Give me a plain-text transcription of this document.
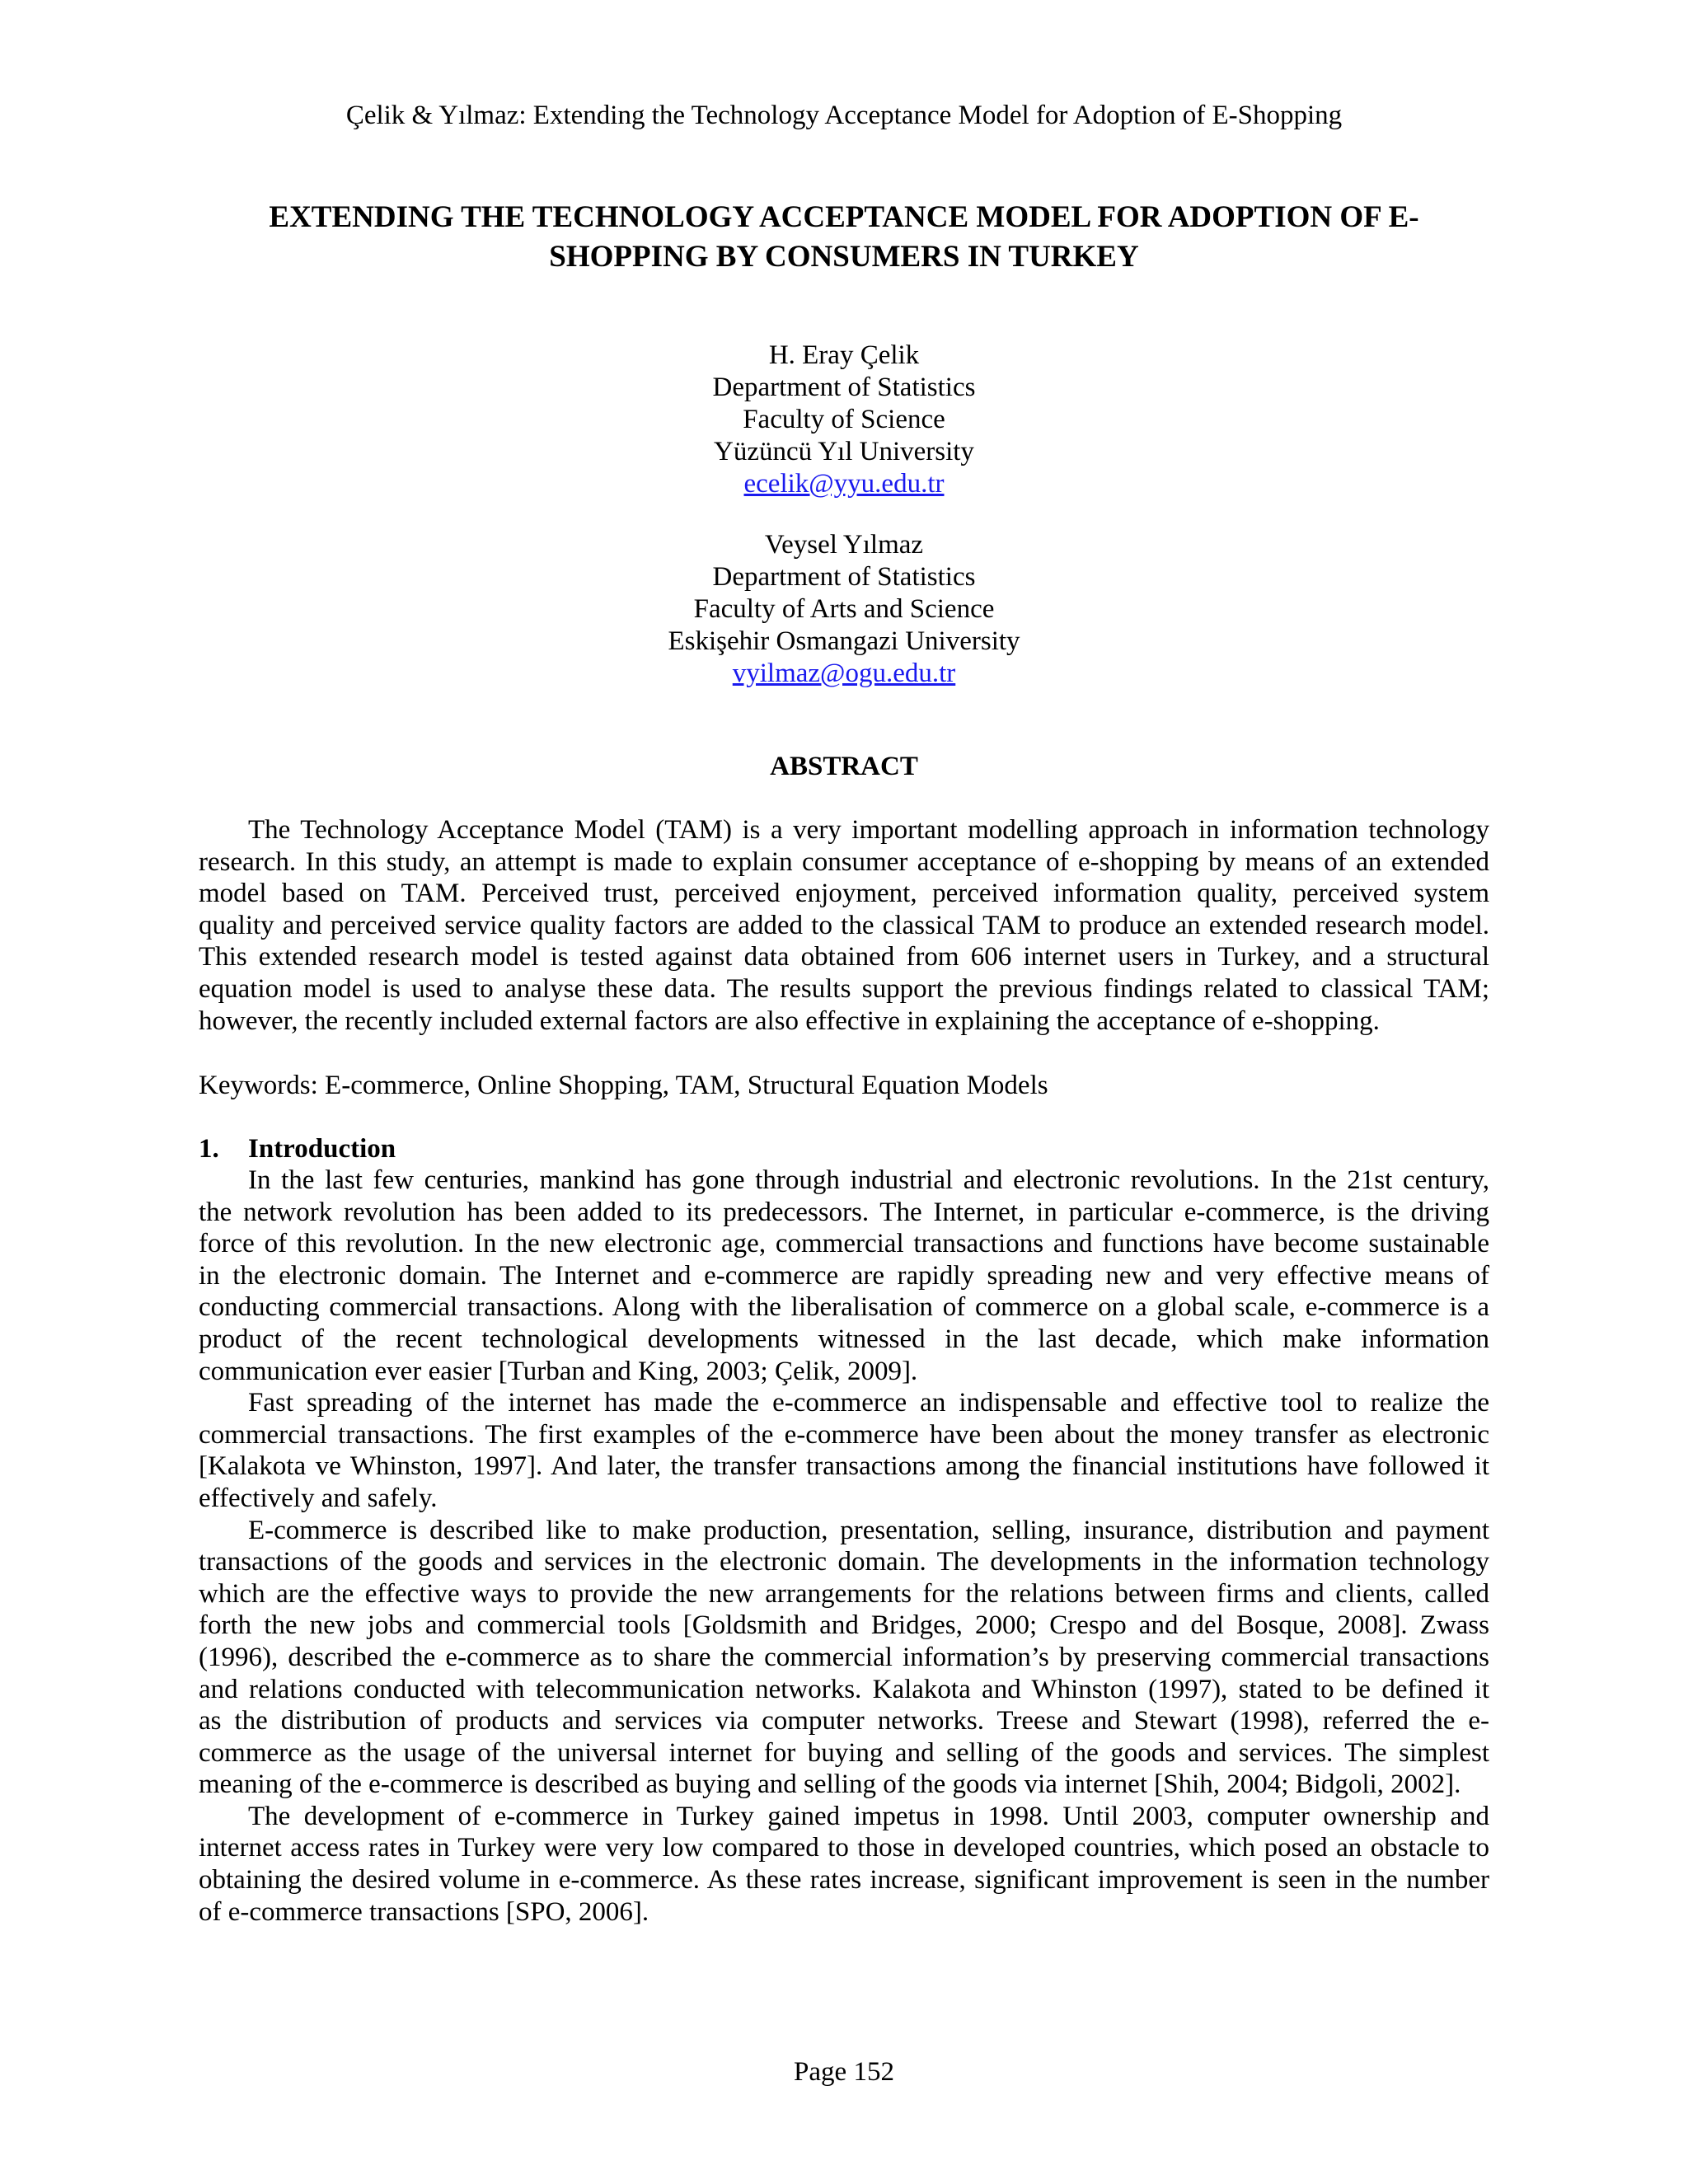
Çelik & Yılmaz: Extending the Technology Acceptance Model for Adoption of E-Shopping
EXTENDING THE TECHNOLOGY ACCEPTANCE MODEL FOR ADOPTION OF E-
SHOPPING BY CONSUMERS IN TURKEY
H. Eray Çelik
Department of Statistics
Faculty of Science
Yüzüncü Yıl University
ecelik@yyu.edu.tr
Veysel Yılmaz
Department of Statistics
Faculty of Arts and Science
Eskişehir Osmangazi University
vyilmaz@ogu.edu.tr
ABSTRACT
The Technology Acceptance Model (TAM) is a very important modelling approach in information technology
research. In this study, an attempt is made to explain consumer acceptance of e-shopping by means of an extended
model based on TAM. Perceived trust, perceived enjoyment, perceived information quality, perceived system
quality and perceived service quality factors are added to the classical TAM to produce an extended research model.
This extended research model is tested against data obtained from 606 internet users in Turkey, and a structural
equation model is used to analyse these data. The results support the previous findings related to classical TAM;
however, the recently included external factors are also effective in explaining the acceptance of e-shopping.
Keywords: E-commerce, Online Shopping, TAM, Structural Equation Models
1. Introduction
In the last few centuries, mankind has gone through industrial and electronic revolutions. In the 21st century,
the network revolution has been added to its predecessors. The Internet, in particular e-commerce, is the driving
force of this revolution. In the new electronic age, commercial transactions and functions have become sustainable
in the electronic domain. The Internet and e-commerce are rapidly spreading new and very effective means of
conducting commercial transactions. Along with the liberalisation of commerce on a global scale, e-commerce is a
product of the recent technological developments witnessed in the last decade, which make information
communication ever easier [Turban and King, 2003; Çelik, 2009].
Fast spreading of the internet has made the e-commerce an indispensable and effective tool to realize the
commercial transactions. The first examples of the e-commerce have been about the money transfer as electronic
[Kalakota ve Whinston, 1997]. And later, the transfer transactions among the financial institutions have followed it
effectively and safely.
E-commerce is described like to make production, presentation, selling, insurance, distribution and payment
transactions of the goods and services in the electronic domain. The developments in the information technology
which are the effective ways to provide the new arrangements for the relations between firms and clients, called
forth the new jobs and commercial tools [Goldsmith and Bridges, 2000; Crespo and del Bosque, 2008]. Zwass
(1996), described the e-commerce as to share the commercial information’s by preserving commercial transactions
and relations conducted with telecommunication networks. Kalakota and Whinston (1997), stated to be defined it
as the distribution of products and services via computer networks. Treese and Stewart (1998), referred the e-
commerce as the usage of the universal internet for buying and selling of the goods and services. The simplest
meaning of the e-commerce is described as buying and selling of the goods via internet [Shih, 2004; Bidgoli, 2002].
The development of e-commerce in Turkey gained impetus in 1998. Until 2003, computer ownership and
internet access rates in Turkey were very low compared to those in developed countries, which posed an obstacle to
obtaining the desired volume in e-commerce. As these rates increase, significant improvement is seen in the number
of e-commerce transactions [SPO, 2006].
Page 152
